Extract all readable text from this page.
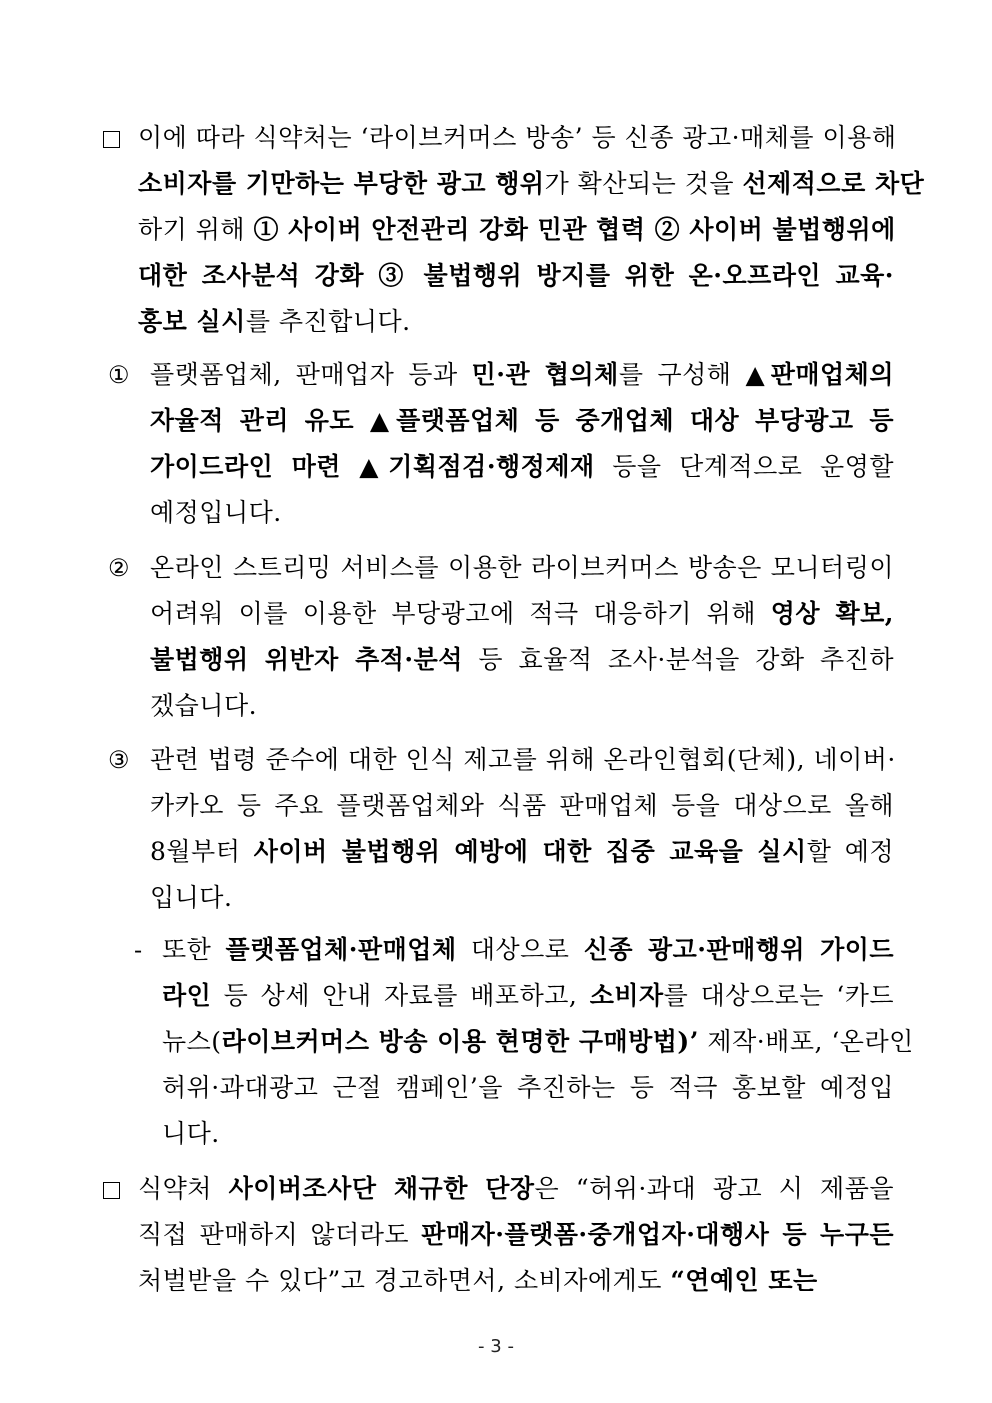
이에 따라 식약처는 ‘라이브커머스 방송’ 등 신종 광고·매체를 이용해
소비자를 기만하는 부당한 광고 행위가 확산되는 것을 선제적으로 차단
하기 위해 ① 사이버 안전관리 강화 민관 협력 ② 사이버 불법행위에
대한 조사분석 강화 ③ 불법행위 방지를 위한 온·오프라인 교육·
홍보 실시를 추진합니다.
① 플랫폼업체, 판매업자 등과 민·관 협의체를 구성해 ▲판매업체의
자율적 관리 유도 ▲플랫폼업체 등 중개업체 대상 부당광고 등
가이드라인 마련 ▲기획점검·행정제재 등을 단계적으로 운영할
예정입니다.
② 온라인 스트리밍 서비스를 이용한 라이브커머스 방송은 모니터링이
어려워 이를 이용한 부당광고에 적극 대응하기 위해 영상 확보,
불법행위 위반자 추적·분석 등 효율적 조사·분석을 강화 추진하
겠습니다.
③ 관련 법령 준수에 대한 인식 제고를 위해 온라인협회(단체), 네이버·
카카오 등 주요 플랫폼업체와 식품 판매업체 등을 대상으로 올해
8월부터 사이버 불법행위 예방에 대한 집중 교육을 실시할 예정
입니다.
- 또한 플랫폼업체·판매업체 대상으로 신종 광고·판매행위 가이드
라인 등 상세 안내 자료를 배포하고, 소비자를 대상으로는 ‘카드
뉴스(라이브커머스 방송 이용 현명한 구매방법)’ 제작·배포, ‘온라인
허위·과대광고 근절 캠페인’을 추진하는 등 적극 홍보할 예정입
니다.
식약처 사이버조사단 채규한 단장은 “허위·과대 광고 시 제품을
직접 판매하지 않더라도 판매자·플랫폼·중개업자·대행사 등 누구든
처벌받을 수 있다”고 경고하면서, 소비자에게도 “연예인 또는
- 3 -
